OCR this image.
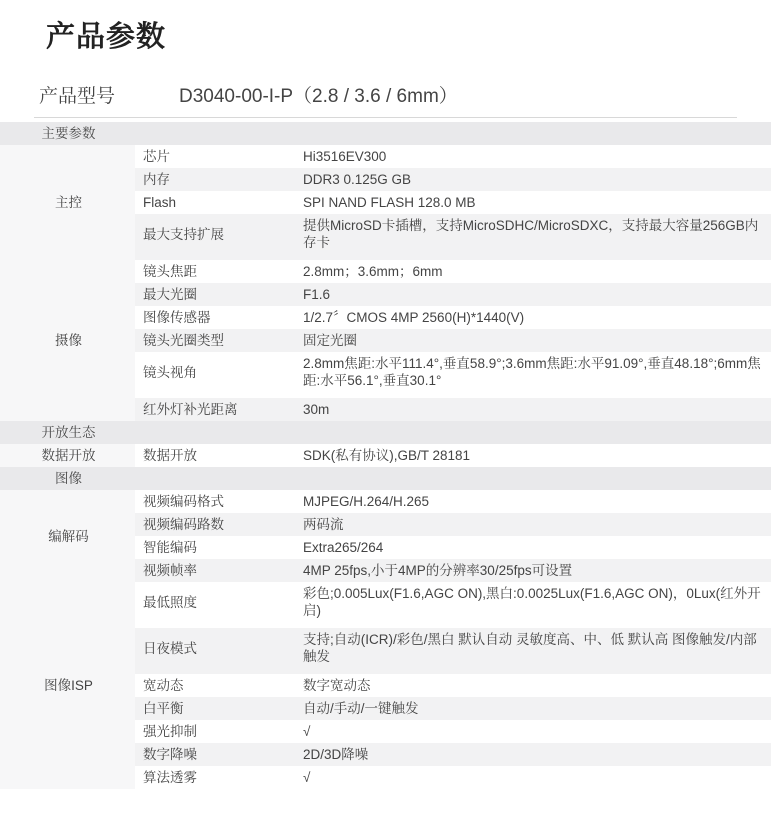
产品参数
产品型号	D3040-00-I-P（2.8 / 3.6 / 6mm）
主要参数		
主控	芯片	Hi3516EV300
	内存	DDR3 0.125G GB
	Flash	SPI NAND FLASH 128.0 MB
	最大支持扩展	提供MicroSD卡插槽，支持MicroSDHC/MicroSDXC，支持最大容量256GB内存卡

摄像	镜头焦距	2.8mm；3.6mm；6mm
	最大光圈	F1.6
	图像传感器	1/2.7〞CMOS 4MP 2560(H)*1440(V)
	镜头光圈类型	固定光圈
	镜头视角	2.8mm焦距:水平111.4°,垂直58.9°;3.6mm焦距:水平91.09°,垂直48.18°;6mm焦距:水平56.1°,垂直30.1°

	红外灯补光距离	30m
开放生态		
数据开放	数据开放	SDK(私有协议),GB/T 28181
图像		
编解码	视频编码格式	MJPEG/H.264/H.265
	视频编码路数	两码流
	智能编码	Extra265/264
	视频帧率	4MP 25fps,小于4MP的分辨率30/25fps可设置
图像ISP	最低照度	彩色;0.005Lux(F1.6,AGC ON),黑白:0.0025Lux(F1.6,AGC ON)，0Lux(红外开启)

	日夜模式	支持;自动(ICR)/彩色/黑白 默认自动 灵敏度高、中、低 默认高 图像触发/内部触发

	宽动态	数字宽动态
	白平衡	自动/手动/一键触发
	强光抑制	√
	数字降噪	2D/3D降噪
	算法透雾	√
